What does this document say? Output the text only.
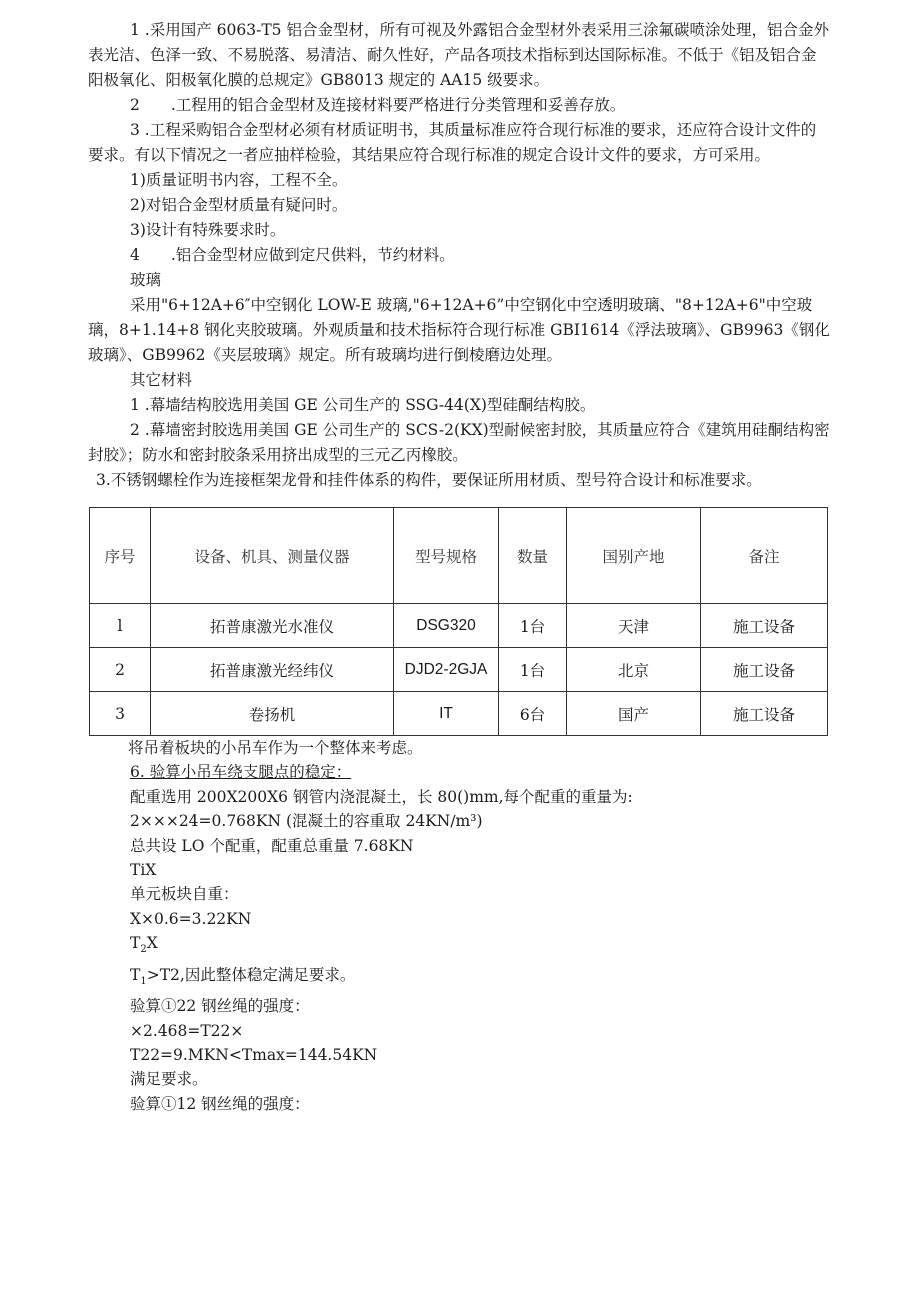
1 .采用国产 6063-T5 铝合金型材，所有可视及外露铝合金型材外表采用三涂氟碳喷涂处理，铝合金外表光洁、色泽一致、不易脱落、易清洁、耐久性好，产品各项技术指标到达国际标准。不低于《铝及铝合金阳极氧化、阳极氧化膜的总规定》GB8013 规定的 AA15 级要求。

2　　.工程用的铝合金型材及连接材料要严格进行分类管理和妥善存放。

3 .工程采购铝合金型材必须有材质证明书，其质量标准应符合现行标准的要求，还应符合设计文件的要求。有以下情况之一者应抽样检验，其结果应符合现行标准的规定合设计文件的要求，方可采用。

1)质量证明书内容，工程不全。

2)对铝合金型材质量有疑问时。

3)设计有特殊要求时。

4　　.铝合金型材应做到定尺供料，节约材料。

玻璃

采用"6+12A+6″中空钢化 LOW-E 玻璃,"6+12A+6”中空钢化中空透明玻璃、"8+12A+6"中空玻璃，8+1.14+8 钢化夹胶玻璃。外观质量和技术指标符合现行标准 GBI1614《浮法玻璃》、GB9963《钢化玻璃》、GB9962《夹层玻璃》规定。所有玻璃均进行倒棱磨边处理。

其它材料

1 .幕墙结构胶选用美国 GE 公司生产的 SSG-44(X)型硅酮结构胶。

2 .幕墙密封胶选用美国 GE 公司生产的 SCS-2(KX)型耐候密封胶，其质量应符合《建筑用硅酮结构密封胶》；防水和密封胶条采用挤出成型的三元乙丙橡胶。

3.不锈钢螺栓作为连接框架龙骨和挂件体系的构件，要保证所用材质、型号符合设计和标准要求。

序号	设备、机具、测量仪器	型号规格	数量	国别产地	备注
l	拓普康激光水准仪	DSG320	1台	天津	施工设备
2	拓普康激光经纬仪	DJD2-2GJA	1台	北京	施工设备
3	卷扬机	IT	6台	国产	施工设备

将吊着板块的小吊车作为一个整体来考虑。

6. 验算小吊车绕支腿点的稳定：

配重选用 200X200X6 钢管内浇混凝土，长 80()mm,每个配重的重量为:

2×××24=0.768KN (混凝土的容重取 24KN∕m³)

总共设 LO 个配重，配重总重量 7.68KN

TiX

单元板块自重：

X×0.6=3.22KN

$T_2X$

$T_1>T2$,因此整体稳定满足要求。

验算①22 钢丝绳的强度：

×2.468=T22×

T22=9.MKN<Tmax=144.54KN

满足要求。

验算①12 钢丝绳的强度：
